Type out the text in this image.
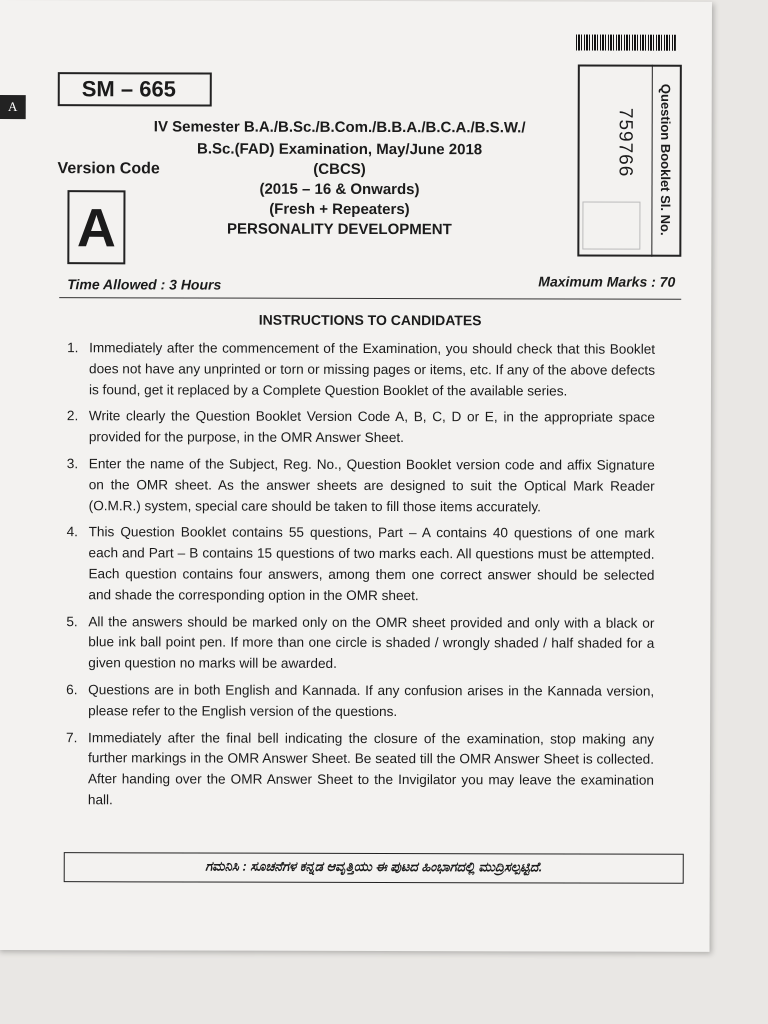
A
SM – 665
IV Semester B.A./B.Sc./B.Com./B.B.A./B.C.A./B.S.W./
B.Sc.(FAD) Examination, May/June 2018
(CBCS)
(2015 – 16 & Onwards)
(Fresh + Repeaters)
PERSONALITY DEVELOPMENT
Version Code
A
759766 Question Booklet Sl. No.
Time Allowed : 3 Hours	Maximum Marks : 70
INSTRUCTIONS TO CANDIDATES
1. Immediately after the commencement of the Examination, you should check that this Booklet does not have any unprinted or torn or missing pages or items, etc. If any of the above defects is found, get it replaced by a Complete Question Booklet of the available series.
2. Write clearly the Question Booklet Version Code A, B, C, D or E, in the appropriate space provided for the purpose, in the OMR Answer Sheet.
3. Enter the name of the Subject, Reg. No., Question Booklet version code and affix Signature on the OMR sheet. As the answer sheets are designed to suit the Optical Mark Reader (O.M.R.) system, special care should be taken to fill those items accurately.
4. This Question Booklet contains 55 questions, Part – A contains 40 questions of one mark each and Part – B contains 15 questions of two marks each. All questions must be attempted. Each question contains four answers, among them one correct answer should be selected and shade the corresponding option in the OMR sheet.
5. All the answers should be marked only on the OMR sheet provided and only with a black or blue ink ball point pen. If more than one circle is shaded / wrongly shaded / half shaded for a given question no marks will be awarded.
6. Questions are in both English and Kannada. If any confusion arises in the Kannada version, please refer to the English version of the questions.
7. Immediately after the final bell indicating the closure of the examination, stop making any further markings in the OMR Answer Sheet. Be seated till the OMR Answer Sheet is collected. After handing over the OMR Answer Sheet to the Invigilator you may leave the examination hall.
ಗಮನಿಸಿ : ಸೂಚನೆಗಳ ಕನ್ನಡ ಆವೃತ್ತಿಯು ಈ ಪುಟದ ಹಿಂಭಾಗದಲ್ಲಿ ಮುದ್ರಿಸಲ್ಪಟ್ಟಿದೆ.
